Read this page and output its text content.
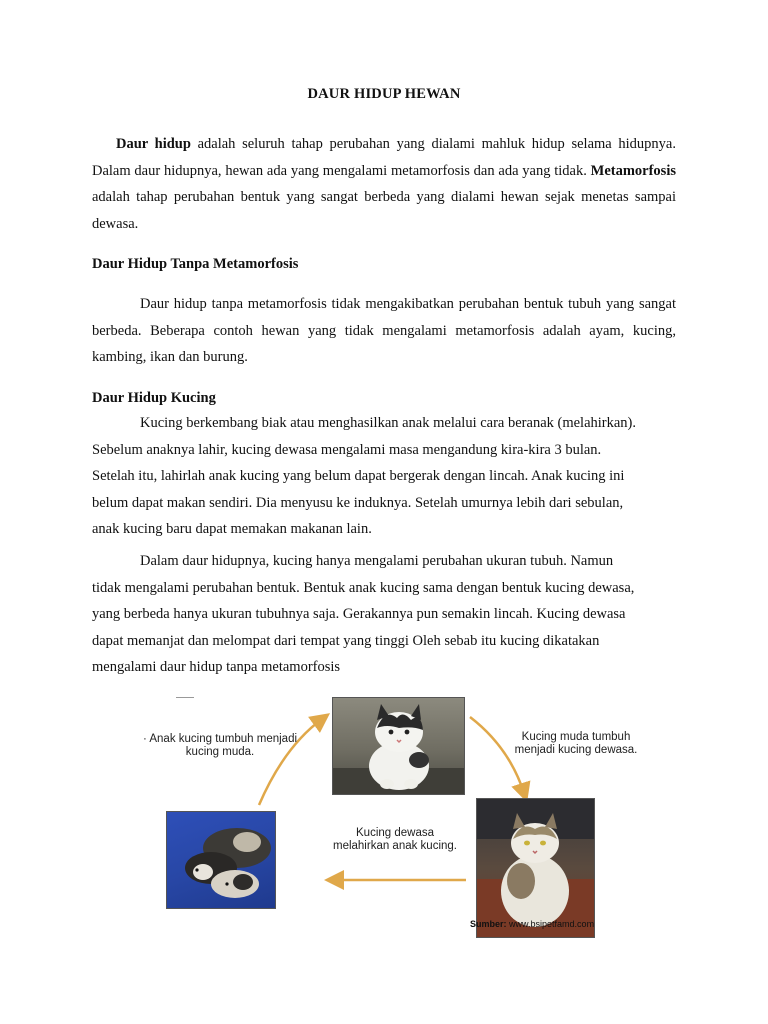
DAUR HIDUP HEWAN

Daur hidup adalah seluruh tahap perubahan yang dialami mahluk hidup selama hidupnya. Dalam daur hidupnya, hewan ada yang mengalami metamorfosis dan ada yang tidak. Metamorfosis adalah tahap perubahan bentuk yang sangat berbeda yang dialami hewan sejak menetas sampai dewasa.

Daur Hidup Tanpa Metamorfosis

Daur hidup tanpa metamorfosis tidak mengakibatkan perubahan bentuk tubuh yang sangat berbeda. Beberapa contoh hewan yang tidak mengalami metamorfosis adalah ayam, kucing, kambing, ikan dan burung.

Daur Hidup Kucing

Kucing berkembang biak atau menghasilkan anak melalui cara beranak (melahirkan).
Sebelum anaknya lahir, kucing dewasa mengalami masa mengandung kira-kira 3 bulan.
Setelah itu, lahirlah anak kucing yang belum dapat bergerak dengan lincah. Anak kucing ini
belum dapat makan sendiri. Dia menyusu ke induknya. Setelah umurnya lebih dari sebulan,
anak kucing baru dapat memakan makanan lain.
Dalam daur hidupnya, kucing hanya mengalami perubahan ukuran tubuh. Namun
tidak mengalami perubahan bentuk. Bentuk anak kucing sama dengan bentuk kucing dewasa,
yang berbeda hanya ukuran tubuhnya saja. Gerakannya pun semakin lincah. Kucing dewasa
dapat memanjat dan melompat dari tempat yang tinggi Oleh sebab itu kucing dikatakan
mengalami daur hidup tanpa metamorfosis
· Anak kucing tumbuh menjadi kucing muda.
Kucing muda tumbuh menjadi kucing dewasa.
Kucing dewasa melahirkan anak kucing.
Sumber: www.bsipetfamd.com
